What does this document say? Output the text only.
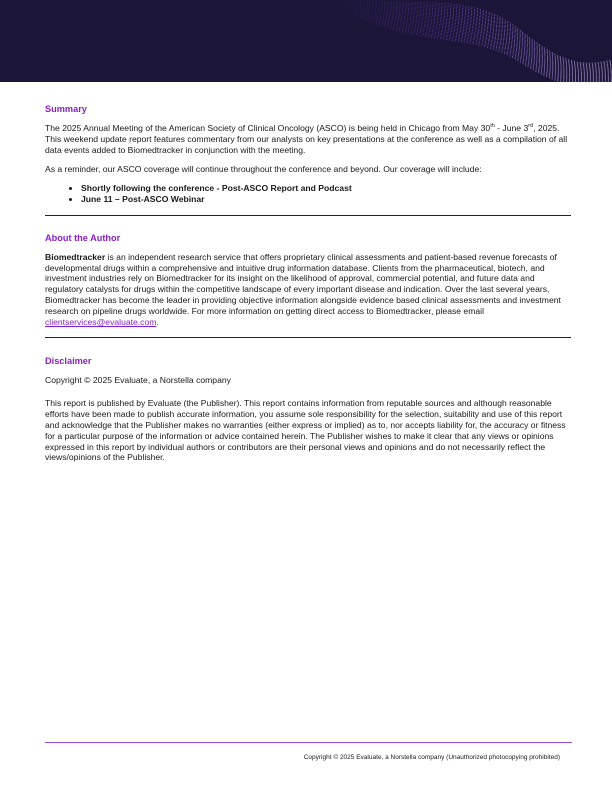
Summary

The 2025 Annual Meeting of the American Society of Clinical Oncology (ASCO) is being held in Chicago from May 30th - June 3rd, 2025. This weekend update report features commentary from our analysts on key presentations at the conference as well as a compilation of all data events added to Biomedtracker in conjunction with the meeting.

As a reminder, our ASCO coverage will continue throughout the conference and beyond. Our coverage will include:

• Shortly following the conference - Post-ASCO Report and Podcast
• June 11 – Post-ASCO Webinar
About the Author

Biomedtracker is an independent research service that offers proprietary clinical assessments and patient-based revenue forecasts of developmental drugs within a comprehensive and intuitive drug information database. Clients from the pharmaceutical, biotech, and investment industries rely on Biomedtracker for its insight on the likelihood of approval, commercial potential, and future data and regulatory catalysts for drugs within the competitive landscape of every important disease and indication. Over the last several years, Biomedtracker has become the leader in providing objective information alongside evidence based clinical assessments and investment research on pipeline drugs worldwide. For more information on getting direct access to Biomedtracker, please email clientservices@evaluate.com.

Disclaimer

Copyright © 2025 Evaluate, a Norstella company

This report is published by Evaluate (the Publisher). This report contains information from reputable sources and although reasonable efforts have been made to publish accurate information, you assume sole responsibility for the selection, suitability and use of this report and acknowledge that the Publisher makes no warranties (either express or implied) as to, nor accepts liability for, the accuracy or fitness for a particular purpose of the information or advice contained herein. The Publisher wishes to make it clear that any views or opinions expressed in this report by individual authors or contributors are their personal views and opinions and do not necessarily reflect the views/opinions of the Publisher.

Copyright © 2025 Evaluate, a Norstella company (Unauthorized photocopying prohibited)
